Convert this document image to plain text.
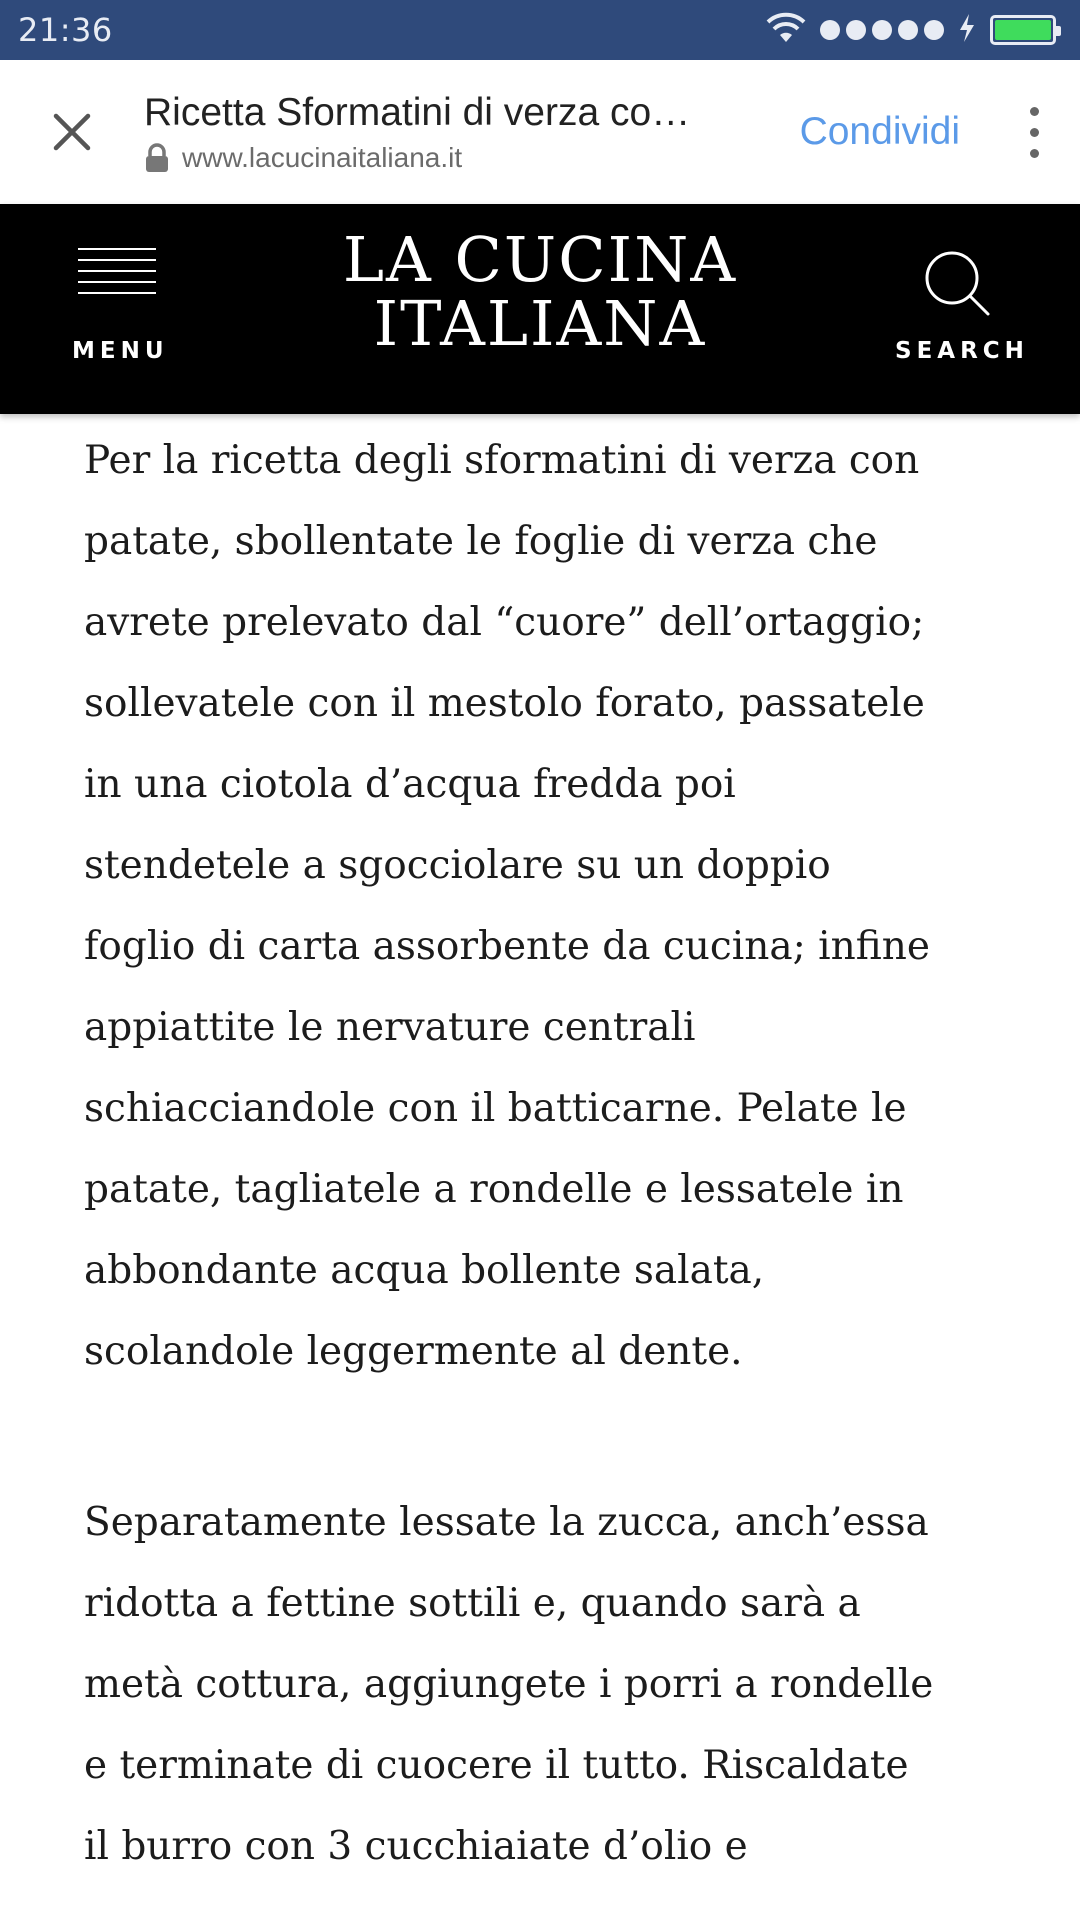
21:36
Ricetta Sformatini di verza co…
www.lacucinaitaliana.it
Condividi
MENU
LA CUCINA
ITALIANA	SEARCH

Per la ricetta degli sformatini di verza con
patate, sbollentate le foglie di verza che
avrete prelevato dal “cuore” dell’ortaggio;
sollevatele con il mestolo forato, passatele
in una ciotola d’acqua fredda poi
stendetele a sgocciolare su un doppio
foglio di carta assorbente da cucina; infine
appiattite le nervature centrali
schiacciandole con il batticarne. Pelate le
patate, tagliatele a rondelle e lessatele in
abbondante acqua bollente salata,
scolandole leggermente al dente.

Separatamente lessate la zucca, anch’essa
ridotta a fettine sottili e, quando sarà a
metà cottura, aggiungete i porri a rondelle
e terminate di cuocere il tutto. Riscaldate
il burro con 3 cucchiaiate d’olio e
